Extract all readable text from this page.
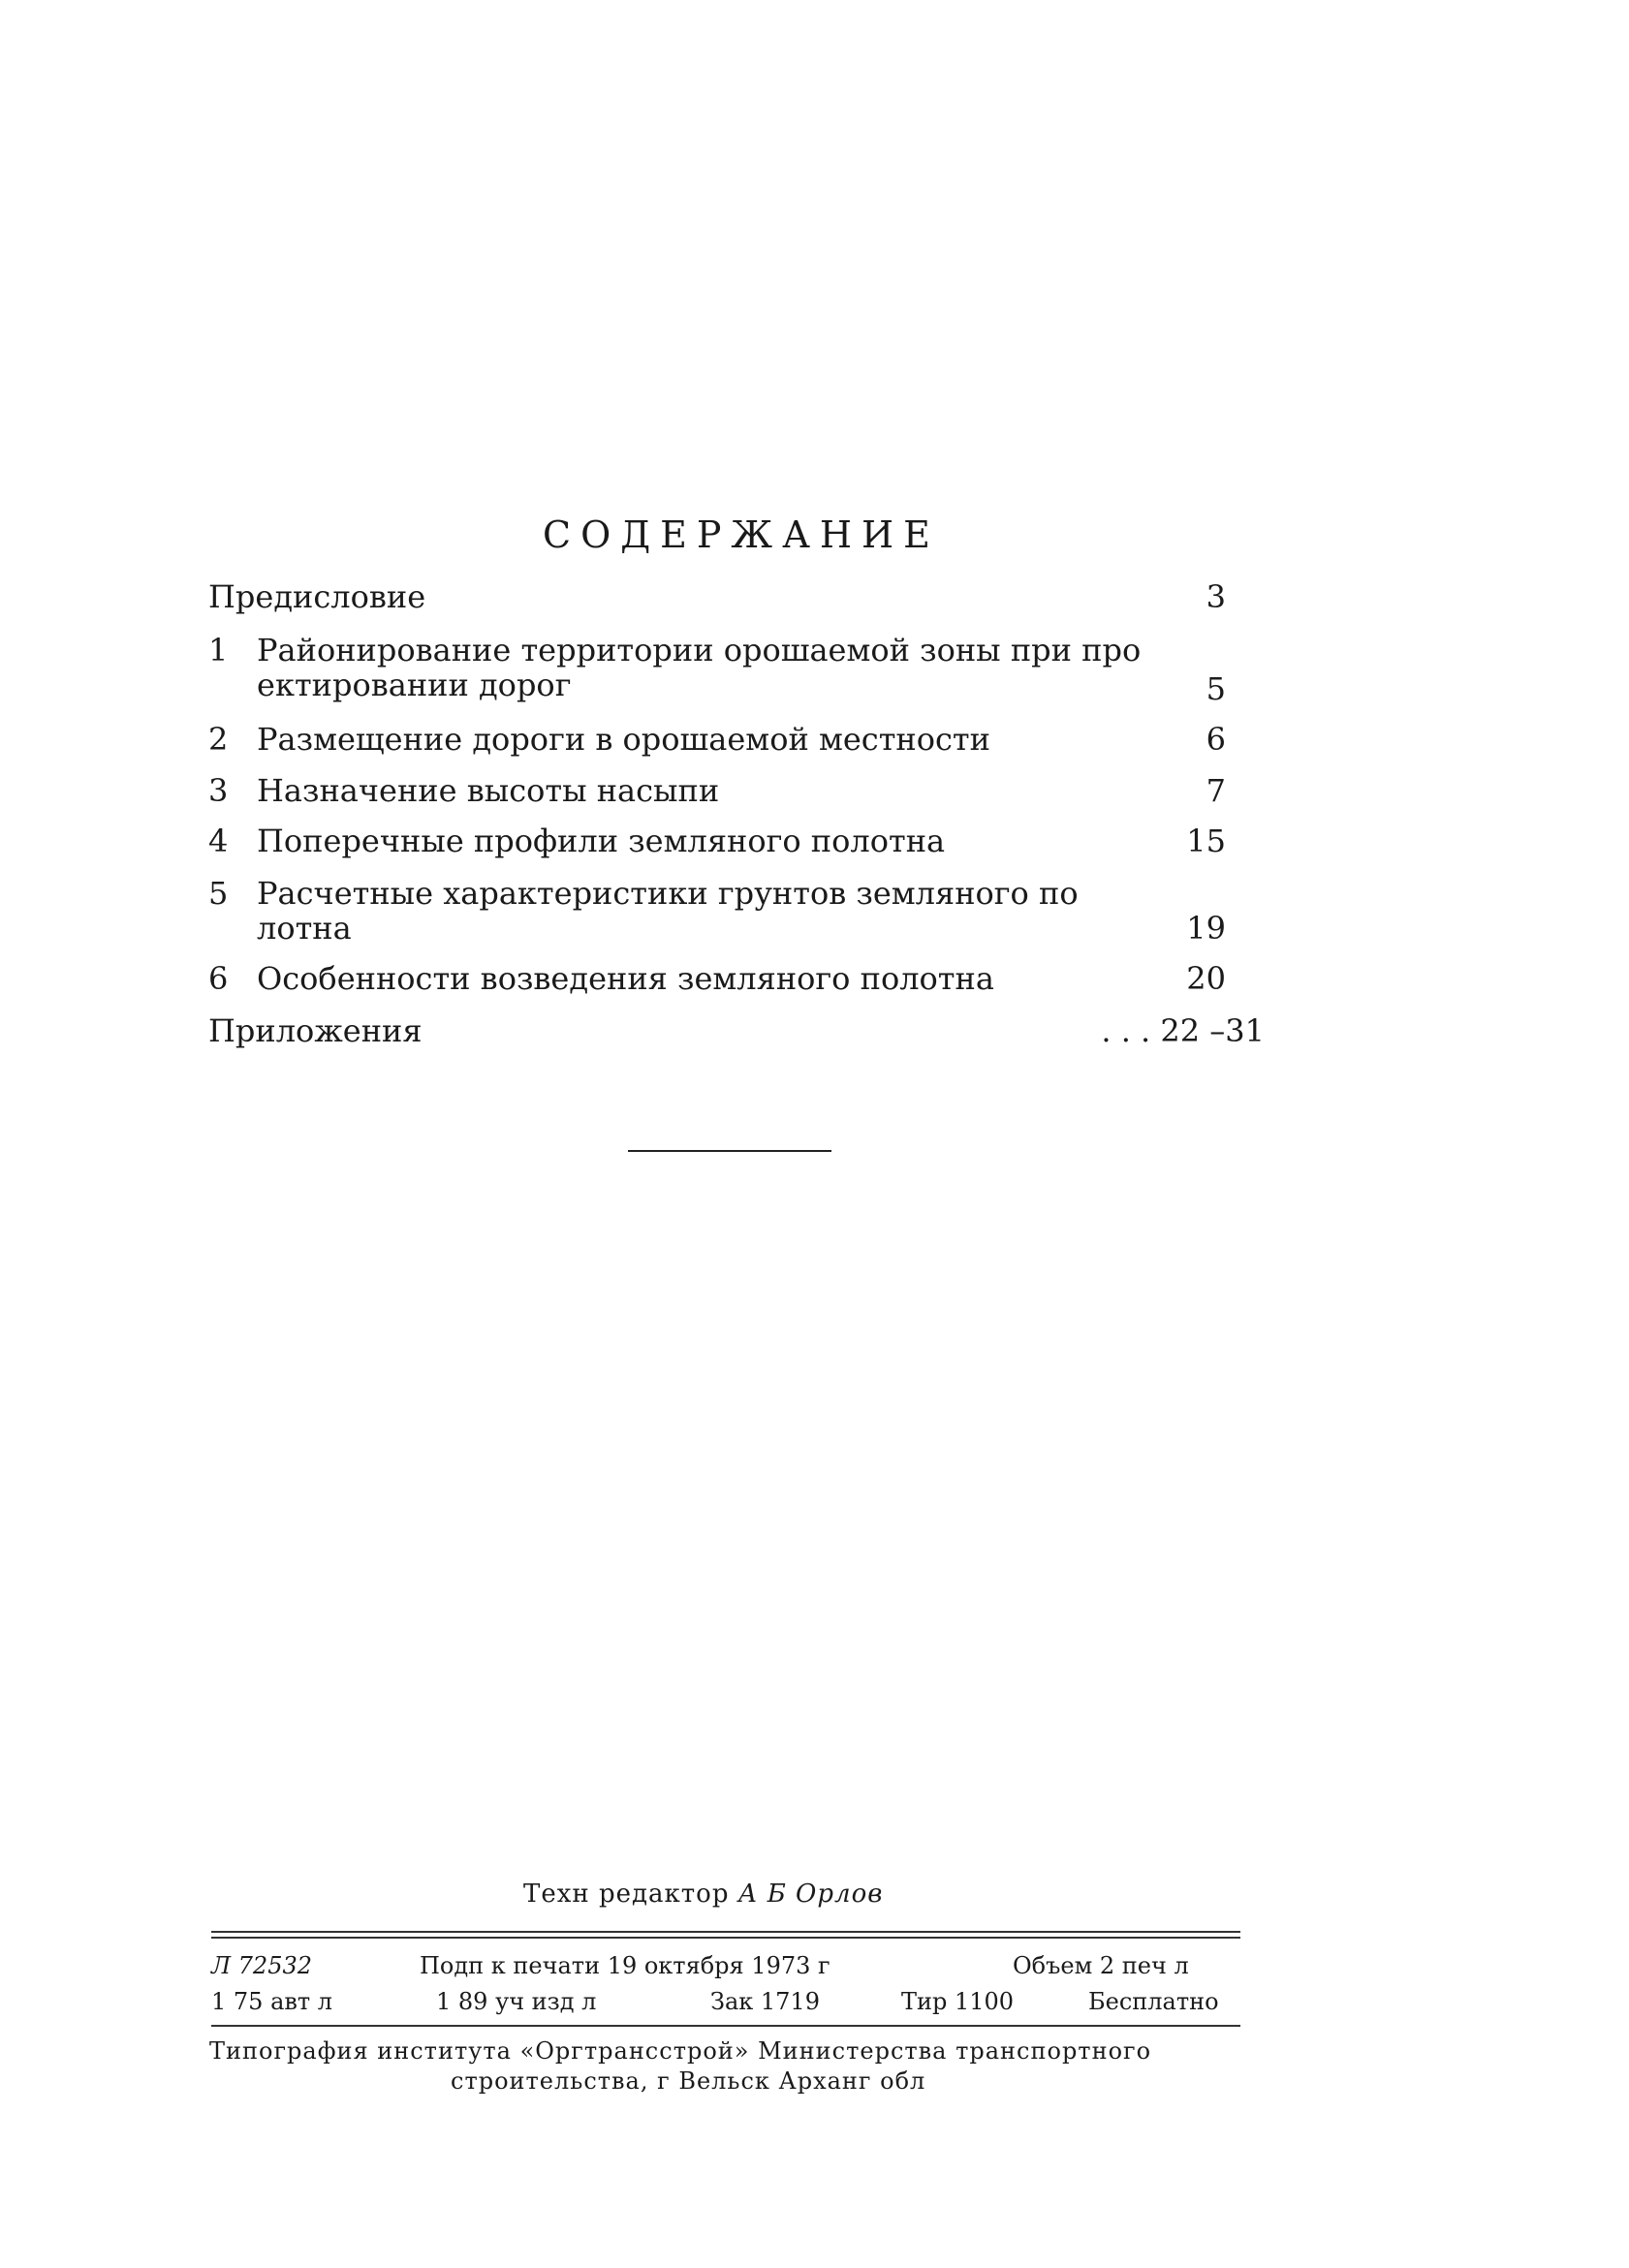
СОДЕРЖАНИЕ
Предисловие	3
1 Районирование территории орошаемой зоны при про
ектировании дорог	5
2 Размещение дороги в орошаемой местности	6
3 Назначение высоты насыпи	7
4 Поперечные профили земляного полотна	15
5 Расчетные характеристики грунтов земляного по
лотна	19
6 Особенности возведения земляного полотна	20
Приложения	. . . 22 –31
Техн редактор А Б Орлов
Л 72532	Подп к печати 19 октября 1973 г	Объем 2 печ л
1 75 авт л	1 89 уч изд л	Зак 1719	Тир 1100	Бесплатно
Типография института «Оргтрансстрой» Министерства транспортного
строительства, г Вельск Арханг обл
